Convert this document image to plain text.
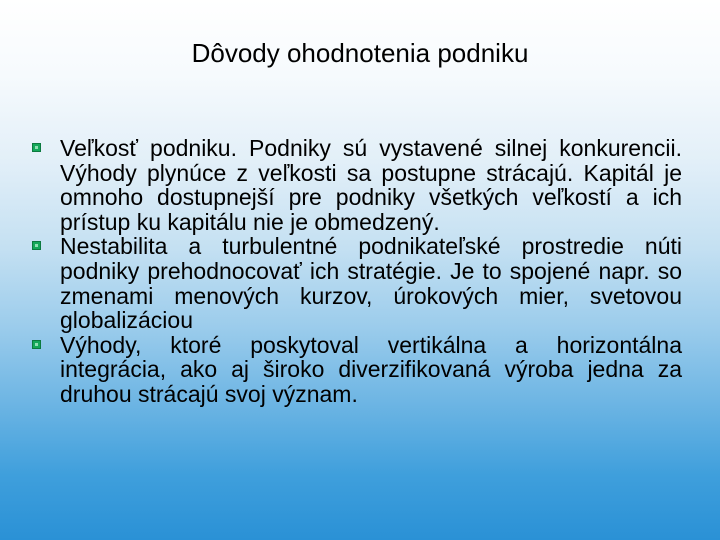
Dôvody ohodnotenia podniku
Veľkosť podniku. Podniky sú vystavené silnej konkurencii. Výhody plynúce z veľkosti sa postupne strácajú. Kapitál je omnoho dostupnejší pre podniky všetkých veľkostí a ich prístup ku kapitálu nie je obmedzený.
Nestabilita a turbulentné podnikateľské prostredie núti podniky prehodnocovať ich stratégie. Je to spojené napr. so zmenami menových kurzov, úrokových mier, svetovou globalizáciou
Výhody, ktoré poskytoval vertikálna a horizontálna integrácia, ako aj široko diverzifikovaná výroba jedna za druhou strácajú svoj význam.
